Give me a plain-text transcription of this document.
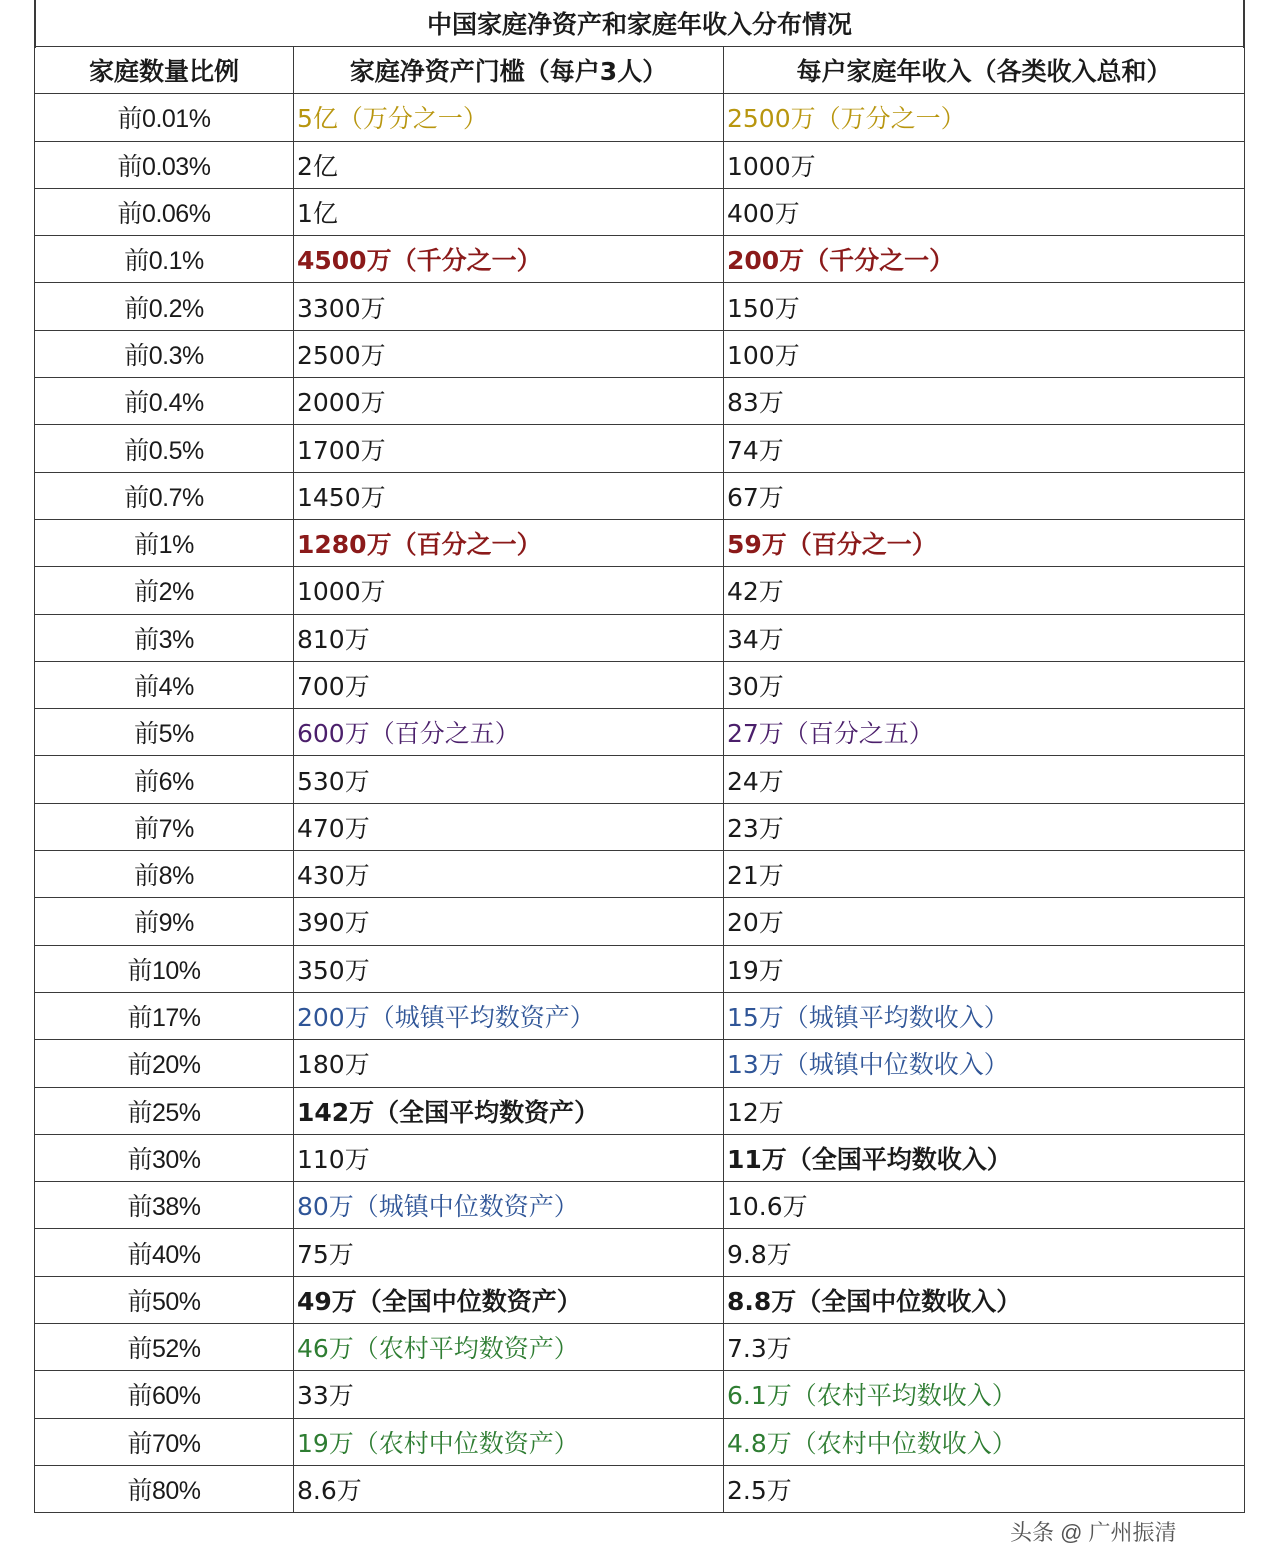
中国家庭净资产和家庭年收入分布情况		
家庭数量比例	家庭净资产门槛（每户3人）	每户家庭年收入（各类收入总和）
前0.01%	5亿（万分之一）	2500万（万分之一）
前0.03%	2亿	1000万
前0.06%	1亿	400万
前0.1%	4500万（千分之一）	200万（千分之一）
前0.2%	3300万	150万
前0.3%	2500万	100万
前0.4%	2000万	83万
前0.5%	1700万	74万
前0.7%	1450万	67万
前1%	1280万（百分之一）	59万（百分之一）
前2%	1000万	42万
前3%	810万	34万
前4%	700万	30万
前5%	600万（百分之五）	27万（百分之五）
前6%	530万	24万
前7%	470万	23万
前8%	430万	21万
前9%	390万	20万
前10%	350万	19万
前17%	200万（城镇平均数资产）	15万（城镇平均数收入）
前20%	180万	13万（城镇中位数收入）
前25%	142万（全国平均数资产）	12万
前30%	110万	11万（全国平均数收入）
前38%	80万（城镇中位数资产）	10.6万
前40%	75万	9.8万
前50%	49万（全国中位数资产）	8.8万（全国中位数收入）
前52%	46万（农村平均数资产）	7.3万
前60%	33万	6.1万（农村平均数收入）
前70%	19万（农村中位数资产）	4.8万（农村中位数收入）
前80%	8.6万	2.5万
头条 @ 广州振清
